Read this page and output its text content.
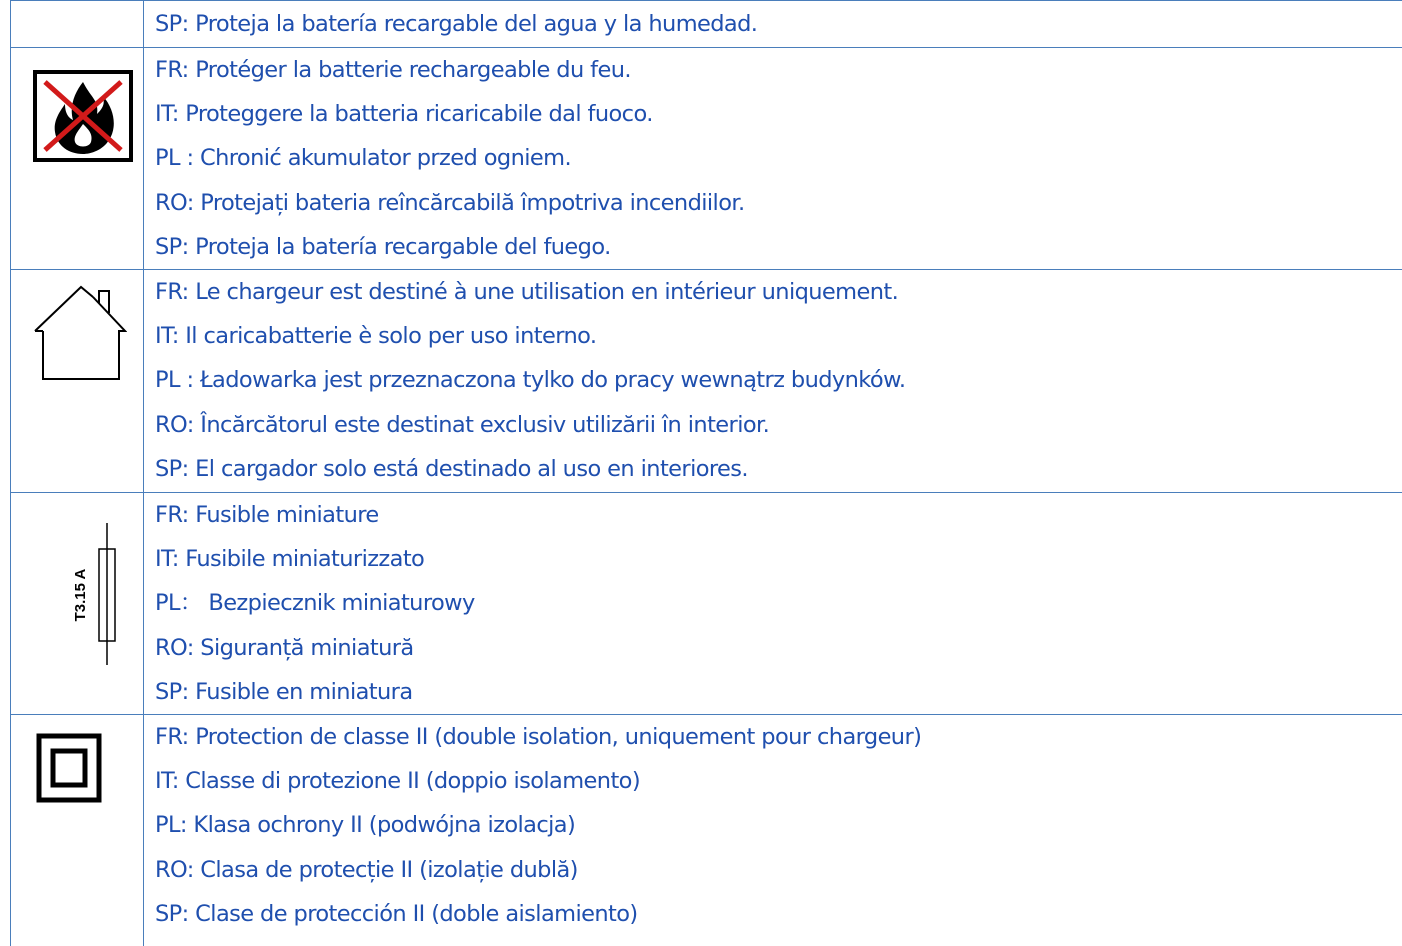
SP: Proteja la batería recargable del agua y la humedad.
FR: Protéger la batterie rechargeable du feu.
IT: Proteggere la batteria ricaricabile dal fuoco.
PL : Chronić akumulator przed ogniem.
RO: Protejați bateria reîncărcabilă împotriva incendiilor.
SP: Proteja la batería recargable del fuego.
FR: Le chargeur est destiné à une utilisation en intérieur uniquement.
IT: Il caricabatterie è solo per uso interno.
PL : Ładowarka jest przeznaczona tylko do pracy wewnątrz budynków.
RO: Încărcătorul este destinat exclusiv utilizării în interior.
SP: El cargador solo está destinado al uso en interiores.
T3.15 A
FR: Fusible miniature
IT: Fusibile miniaturizzato
PL： Bezpiecznik miniaturowy
RO: Siguranță miniatură
SP: Fusible en miniatura
FR: Protection de classe II (double isolation, uniquement pour chargeur)
IT: Classe di protezione II (doppio isolamento)
PL: Klasa ochrony II (podwójna izolacja)
RO: Clasa de protecție II (izolație dublă)
SP: Clase de protección II (doble aislamiento)
